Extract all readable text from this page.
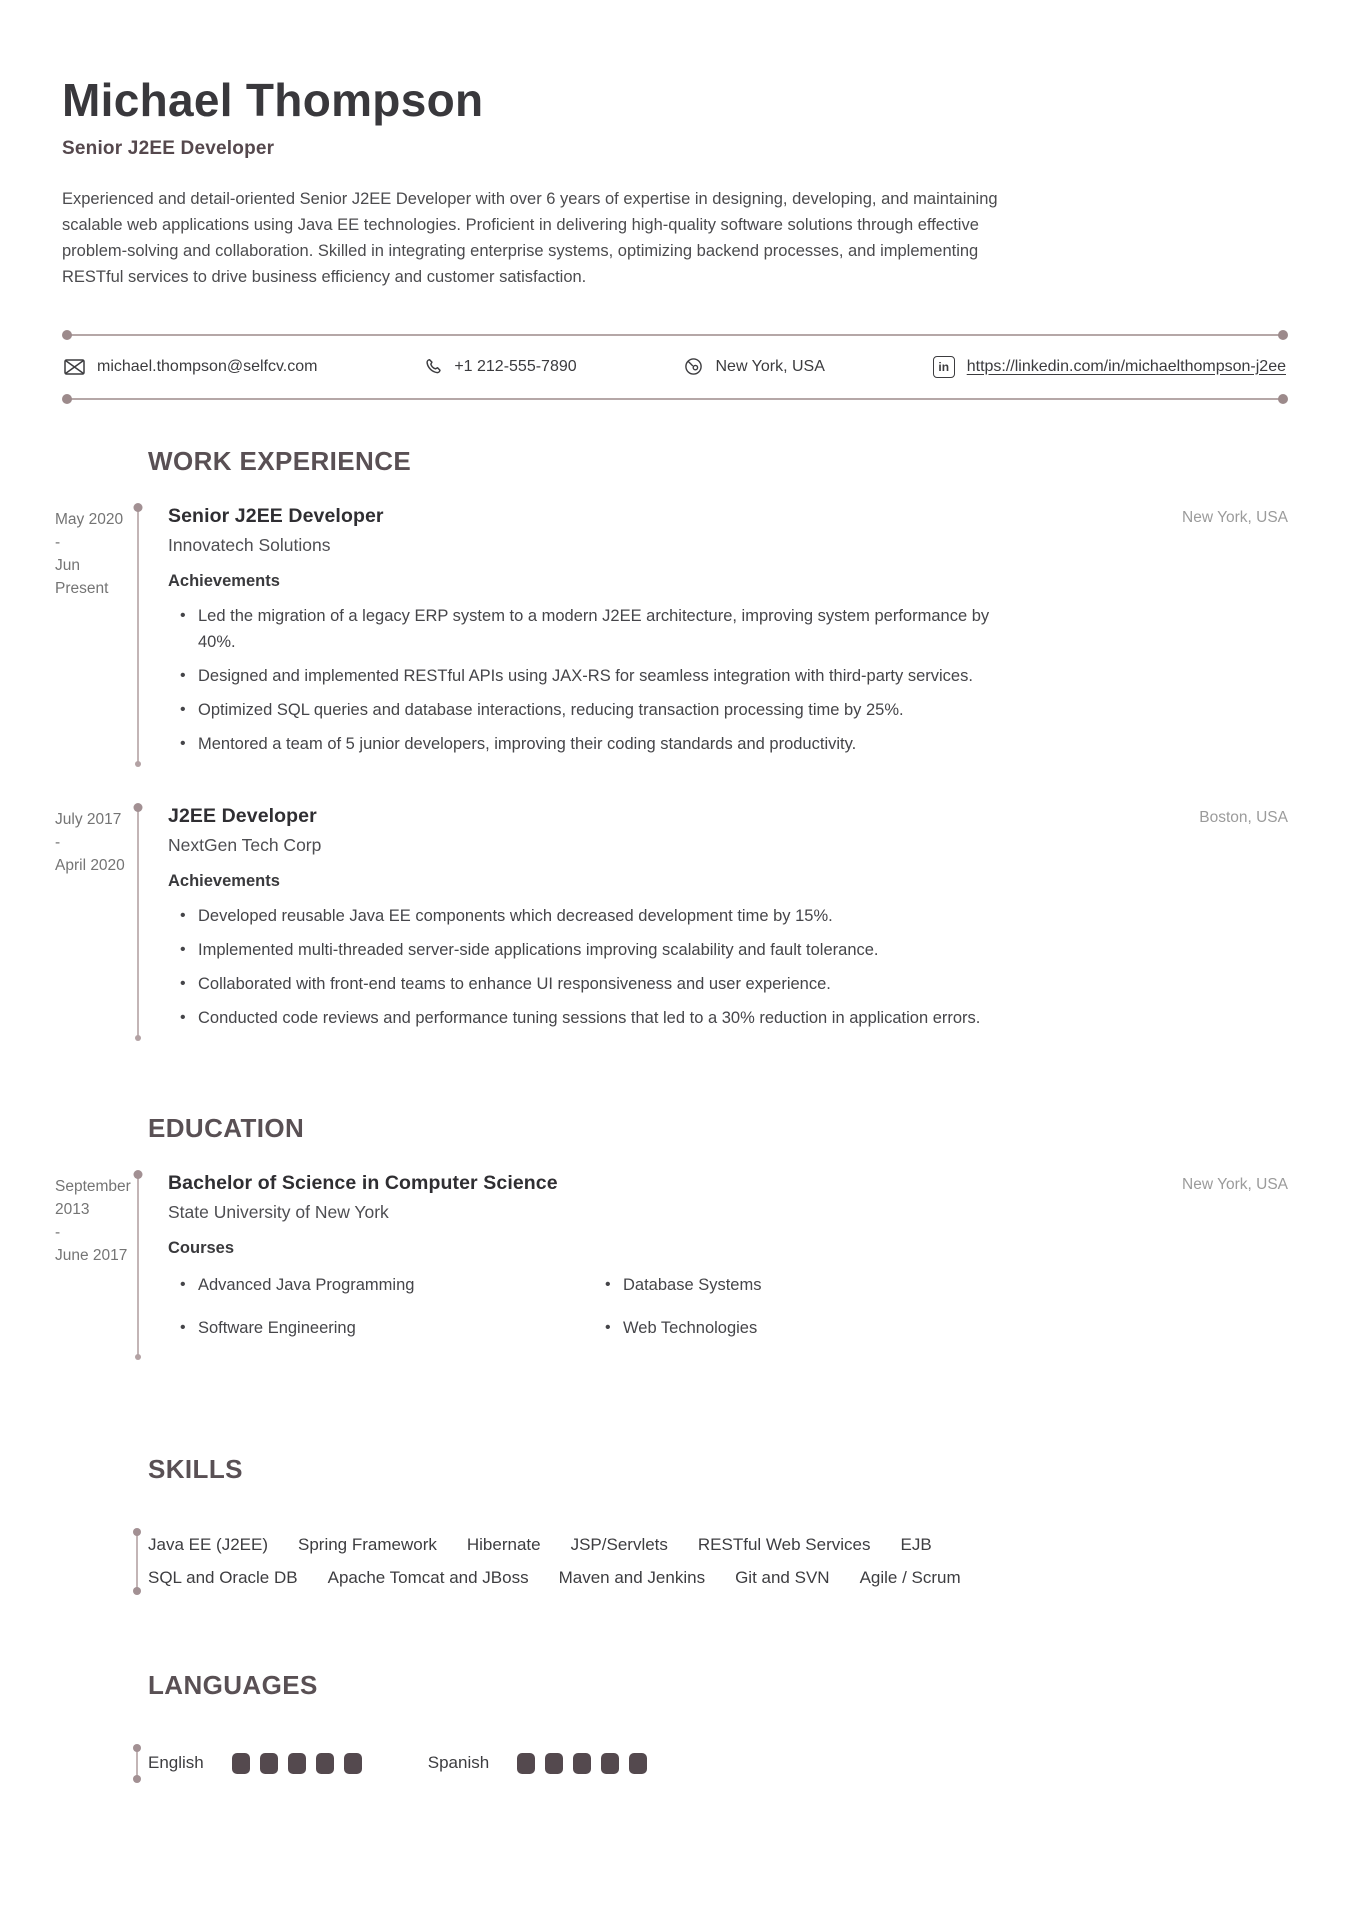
Michael Thompson
Senior J2EE Developer

Experienced and detail-oriented Senior J2EE Developer with over 6 years of expertise in designing, developing, and maintaining scalable web applications using Java EE technologies. Proficient in delivering high-quality software solutions through effective problem-solving and collaboration. Skilled in integrating enterprise systems, optimizing backend processes, and implementing RESTful services to drive business efficiency and customer satisfaction.

michael.thompson@selfcv.com	+1 212-555-7890	New York, USA	in	https://linkedin.com/in/michaelthompson-j2ee
WORK EXPERIENCE
May 2020
-
Jun
Present
Senior J2EE Developer	New York, USA
Innovatech Solutions
Achievements
• Led the migration of a legacy ERP system to a modern J2EE architecture, improving system performance by 40%.
• Designed and implemented RESTful APIs using JAX-RS for seamless integration with third-party services.
• Optimized SQL queries and database interactions, reducing transaction processing time by 25%.
• Mentored a team of 5 junior developers, improving their coding standards and productivity.
July 2017
-
April 2020
J2EE Developer	Boston, USA
NextGen Tech Corp
Achievements
• Developed reusable Java EE components which decreased development time by 15%.
• Implemented multi-threaded server-side applications improving scalability and fault tolerance.
• Collaborated with front-end teams to enhance UI responsiveness and user experience.
• Conducted code reviews and performance tuning sessions that led to a 30% reduction in application errors.
EDUCATION
September
2013
-
June 2017
Bachelor of Science in Computer Science	New York, USA
State University of New York
Courses
• Advanced Java Programming
• Software Engineering
• Database Systems
• Web Technologies
SKILLS
Java EE (J2EE) Spring Framework Hibernate JSP/Servlets RESTful Web Services EJB
SQL and Oracle DB Apache Tomcat and JBoss Maven and Jenkins Git and SVN Agile / Scrum
LANGUAGES
English	Spanish
